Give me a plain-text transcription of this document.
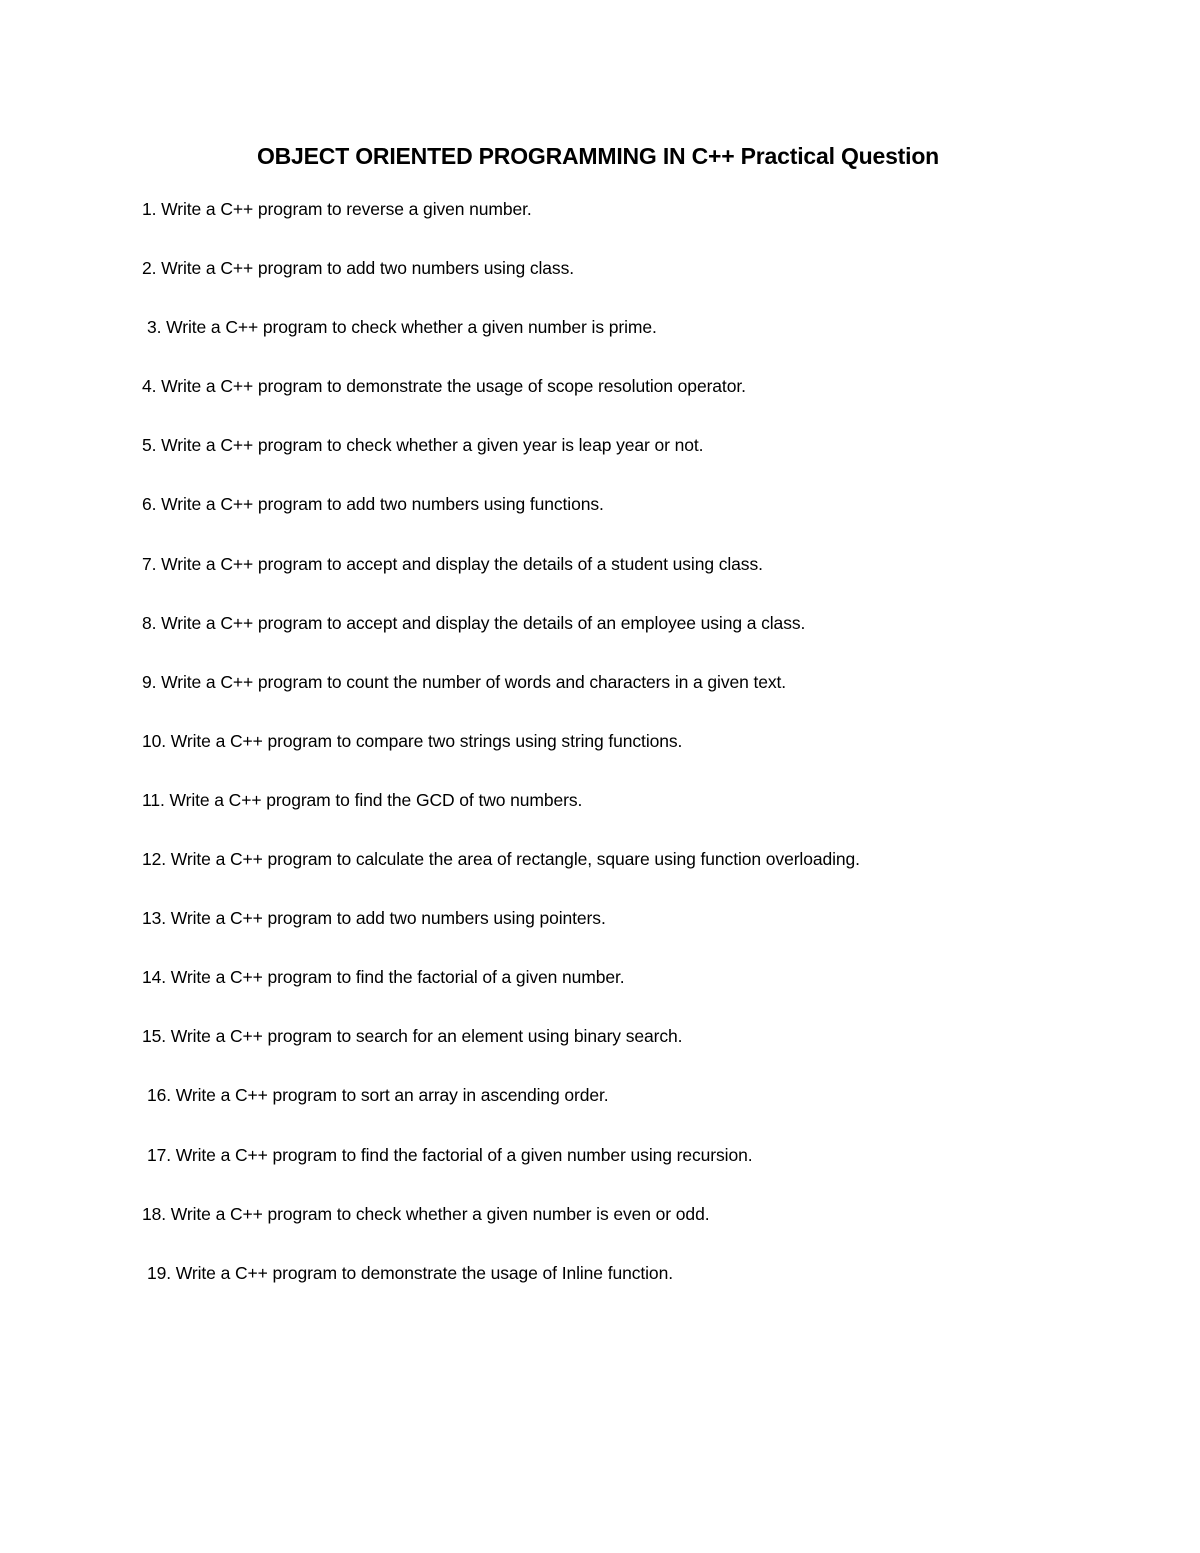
OBJECT ORIENTED PROGRAMMING IN C++ Practical Question
1. Write a C++ program to reverse a given number.
2. Write a C++ program to add two numbers using class.
3. Write a C++ program to check whether a given number is prime.
4. Write a C++ program to demonstrate the usage of scope resolution operator.
5. Write a C++ program to check whether a given year is leap year or not.
6. Write a C++ program to add two numbers using functions.
7. Write a C++ program to accept and display the details of a student using class.
8. Write a C++ program to accept and display the details of an employee using a class.
9. Write a C++ program to count the number of words and characters in a given text.
10. Write a C++ program to compare two strings using string functions.
11. Write a C++ program to find the GCD of two numbers.
12. Write a C++ program to calculate the area of rectangle, square using function overloading.
13. Write a C++ program to add two numbers using pointers.
14. Write a C++ program to find the factorial of a given number.
15. Write a C++ program to search for an element using binary search.
16. Write a C++ program to sort an array in ascending order.
17. Write a C++ program to find the factorial of a given number using recursion.
18. Write a C++ program to check whether a given number is even or odd.
19. Write a C++ program to demonstrate the usage of Inline function.
